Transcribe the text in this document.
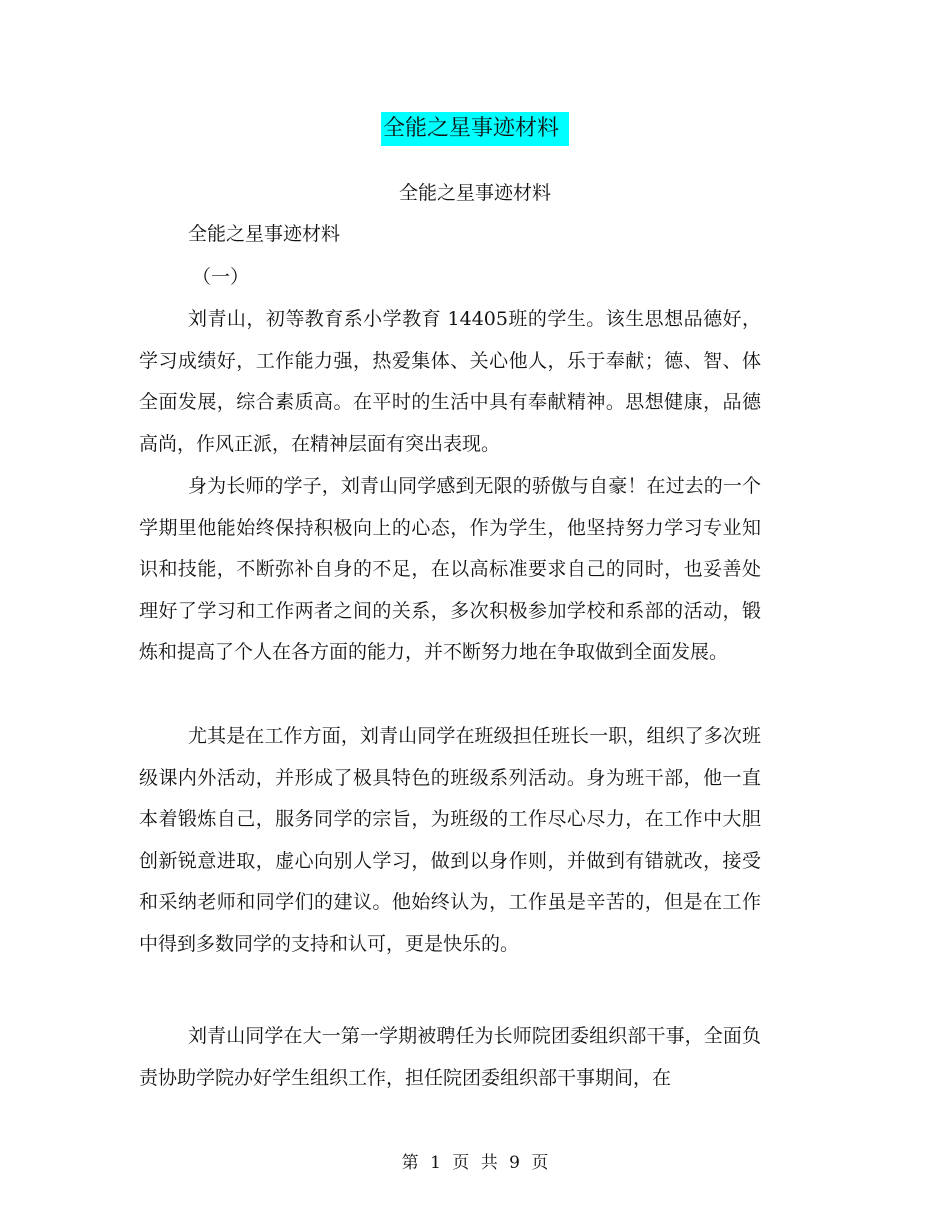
全能之星事迹材料
全能之星事迹材料
全能之星事迹材料
（一）

刘青山，初等教育系小学教育 14405班的学生。该生思想品德好，学习成绩好，工作能力强，热爱集体、关心他人，乐于奉献；德、智、体全面发展，综合素质高。在平时的生活中具有奉献精神。思想健康，品德高尚，作风正派，在精神层面有突出表现。

身为长师的学子，刘青山同学感到无限的骄傲与自豪！在过去的一个学期里他能始终保持积极向上的心态，作为学生，他坚持努力学习专业知识和技能，不断弥补自身的不足，在以高标准要求自己的同时，也妥善处理好了学习和工作两者之间的关系，多次积极参加学校和系部的活动，锻炼和提高了个人在各方面的能力，并不断努力地在争取做到全面发展。

尤其是在工作方面，刘青山同学在班级担任班长一职，组织了多次班级课内外活动，并形成了极具特色的班级系列活动。身为班干部，他一直本着锻炼自己，服务同学的宗旨，为班级的工作尽心尽力，在工作中大胆创新锐意进取，虚心向别人学习，做到以身作则，并做到有错就改，接受和采纳老师和同学们的建议。他始终认为，工作虽是辛苦的，但是在工作中得到多数同学的支持和认可，更是快乐的。

刘青山同学在大一第一学期被聘任为长师院团委组织部干事，全面负责协助学院办好学生组织工作，担任院团委组织部干事期间，在

第 1 页 共 9 页
